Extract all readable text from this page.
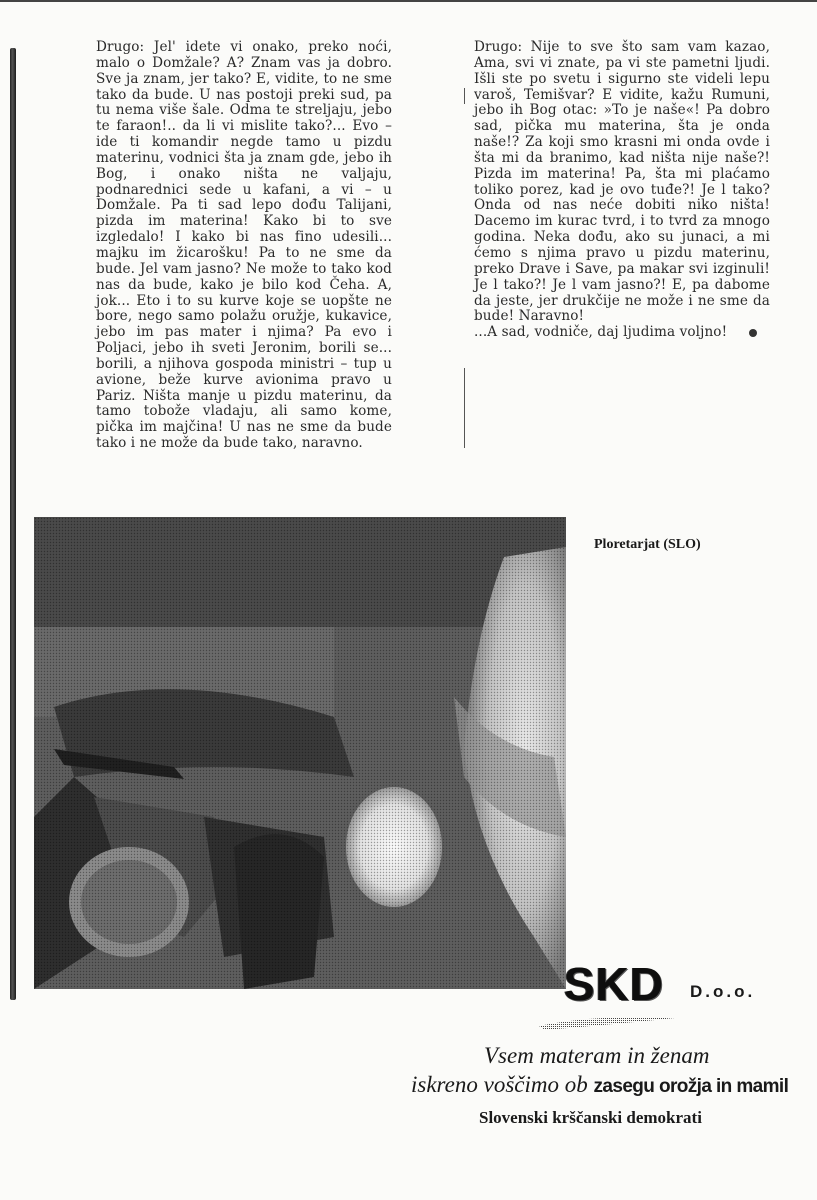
Drugo: Jel' idete vi onako, preko noći, malo o Domžale? A? Znam vas ja dobro. Sve ja znam, jer tako? E, vidite, to ne sme tako da bude. U nas postoji preki sud, pa tu nema više šale. Odma te streljaju, jebo te faraon!.. da li vi mislite tako?... Evo – ide ti komandir negde tamo u pizdu materinu, vodnici šta ja znam gde, jebo ih Bog, i onako ništa ne valjaju, podnarednici sede u kafani, a vi – u Domžale. Pa ti sad lepo dođu Talijani, pizda im materina! Kako bi to sve izgledalo! I kako bi nas fino udesili... majku im žicarošku! Pa to ne sme da bude. Jel vam jasno? Ne može to tako kod nas da bude, kako je bilo kod Čeha. A, jok... Eto i to su kurve koje se uopšte ne bore, nego samo polažu oružje, kukavice, jebo im pas mater i njima? Pa evo i Poljaci, jebo ih sveti Jeronim, borili se... borili, a njihova gospoda ministri – tup u avione, beže kurve avionima pravo u Pariz. Ništa manje u pizdu materinu, da tamo tobože vladaju, ali samo kome, pička im majčina! U nas ne sme da bude tako i ne može da bude tako, naravno.

Drugo: Nije to sve što sam vam kazao, Ama, svi vi znate, pa vi ste pametni ljudi. Išli ste po svetu i sigurno ste videli lepu varoš, Temišvar? E vidite, kažu Rumuni, jebo ih Bog otac: »To je naše«! Pa dobro sad, pička mu materina, šta je onda naše!? Za koji smo krasni mi onda ovde i šta mi da branimo, kad ništa nije naše?! Pizda im materina! Pa, šta mi plaćamo toliko porez, kad je ovo tuđe?! Je l tako? Onda od nas neće dobiti niko ništa! Dacemo im kurac tvrd, i to tvrd za mnogo godina. Neka dođu, ako su junaci, a mi ćemo s njima pravo u pizdu materinu, preko Drave i Save, pa makar svi izginuli! Je l tako?! Je l vam jasno?! E, pa dabome da jeste, jer drukčije ne može i ne sme da bude! Naravno!

...A sad, vodniče, daj ljudima voljno!

Ploretarjat (SLO)
SKD D.o.o.
Vsem materam in ženam
iskreno voščimo ob zasegu orožja in mamil
Slovenski krščanski demokrati
